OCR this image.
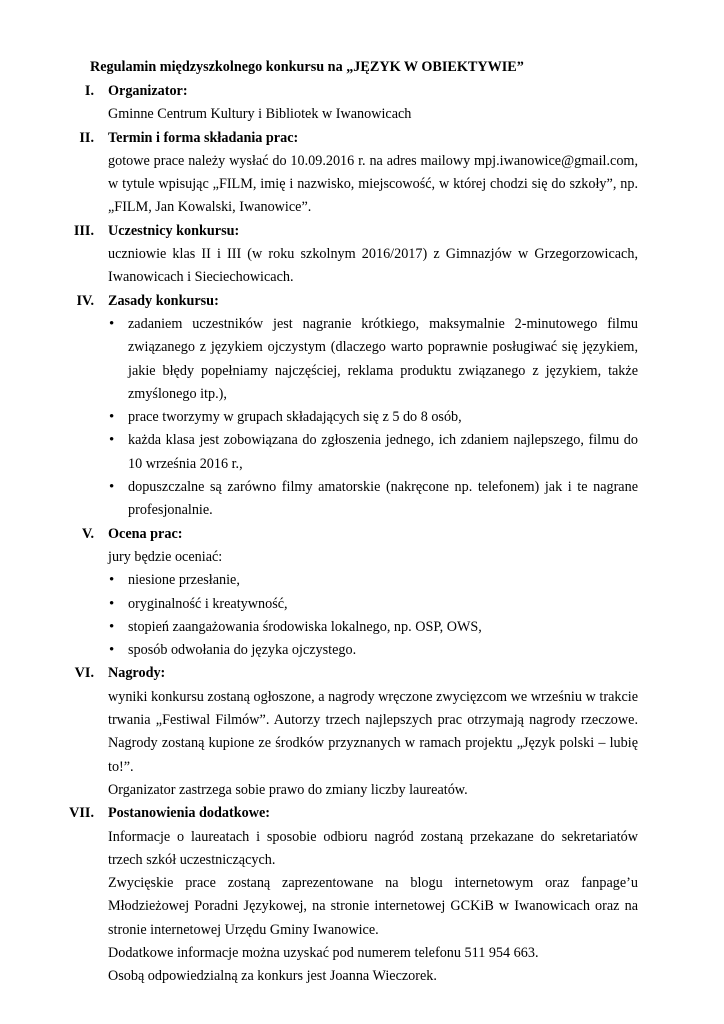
Regulamin międzyszkolnego konkursu na „JĘZYK W OBIEKTYWIE”
I. Organizator:
Gminne Centrum Kultury i Bibliotek w Iwanowicach
II. Termin i forma składania prac:
gotowe prace należy wysłać do 10.09.2016 r. na adres mailowy mpj.iwanowice@gmail.com, w tytule wpisując „FILM, imię i nazwisko, miejscowość, w której chodzi się do szkoły”, np. „FILM, Jan Kowalski, Iwanowice”.
III. Uczestnicy konkursu:
uczniowie klas II i III (w roku szkolnym 2016/2017) z Gimnazjów w Grzegorzowicach, Iwanowicach i Sieciechowicach.
IV. Zasady konkursu:
• zadaniem uczestników jest nagranie krótkiego, maksymalnie 2-minutowego filmu związanego z językiem ojczystym (dlaczego warto poprawnie posługiwać się językiem, jakie błędy popełniamy najczęściej, reklama produktu związanego z językiem, także zmyślonego itp.),
• prace tworzymy w grupach składających się z 5 do 8 osób,
• każda klasa jest zobowiązana do zgłoszenia jednego, ich zdaniem najlepszego, filmu do 10 września 2016 r.,
• dopuszczalne są zarówno filmy amatorskie (nakręcone np. telefonem) jak i te nagrane profesjonalnie.
V. Ocena prac:
jury będzie oceniać:
• niesione przesłanie,
• oryginalność i kreatywność,
• stopień zaangażowania środowiska lokalnego, np. OSP, OWS,
• sposób odwołania do języka ojczystego.
VI. Nagrody:
wyniki konkursu zostaną ogłoszone, a nagrody wręczone zwycięzcom we wrześniu w trakcie trwania „Festiwal Filmów”. Autorzy trzech najlepszych prac otrzymają nagrody rzeczowe. Nagrody zostaną kupione ze środków przyznanych w ramach projektu „Język polski – lubię to!”.
Organizator zastrzega sobie prawo do zmiany liczby laureatów.
VII. Postanowienia dodatkowe:
Informacje o laureatach i sposobie odbioru nagród zostaną przekazane do sekretariatów trzech szkół uczestniczących.
Zwycięskie prace zostaną zaprezentowane na blogu internetowym oraz fanpage’u Młodzieżowej Poradni Językowej, na stronie internetowej GCKiB w Iwanowicach oraz na stronie internetowej Urzędu Gminy Iwanowice.
Dodatkowe informacje można uzyskać pod numerem telefonu 511 954 663.
Osobą odpowiedzialną za konkurs jest Joanna Wieczorek.
